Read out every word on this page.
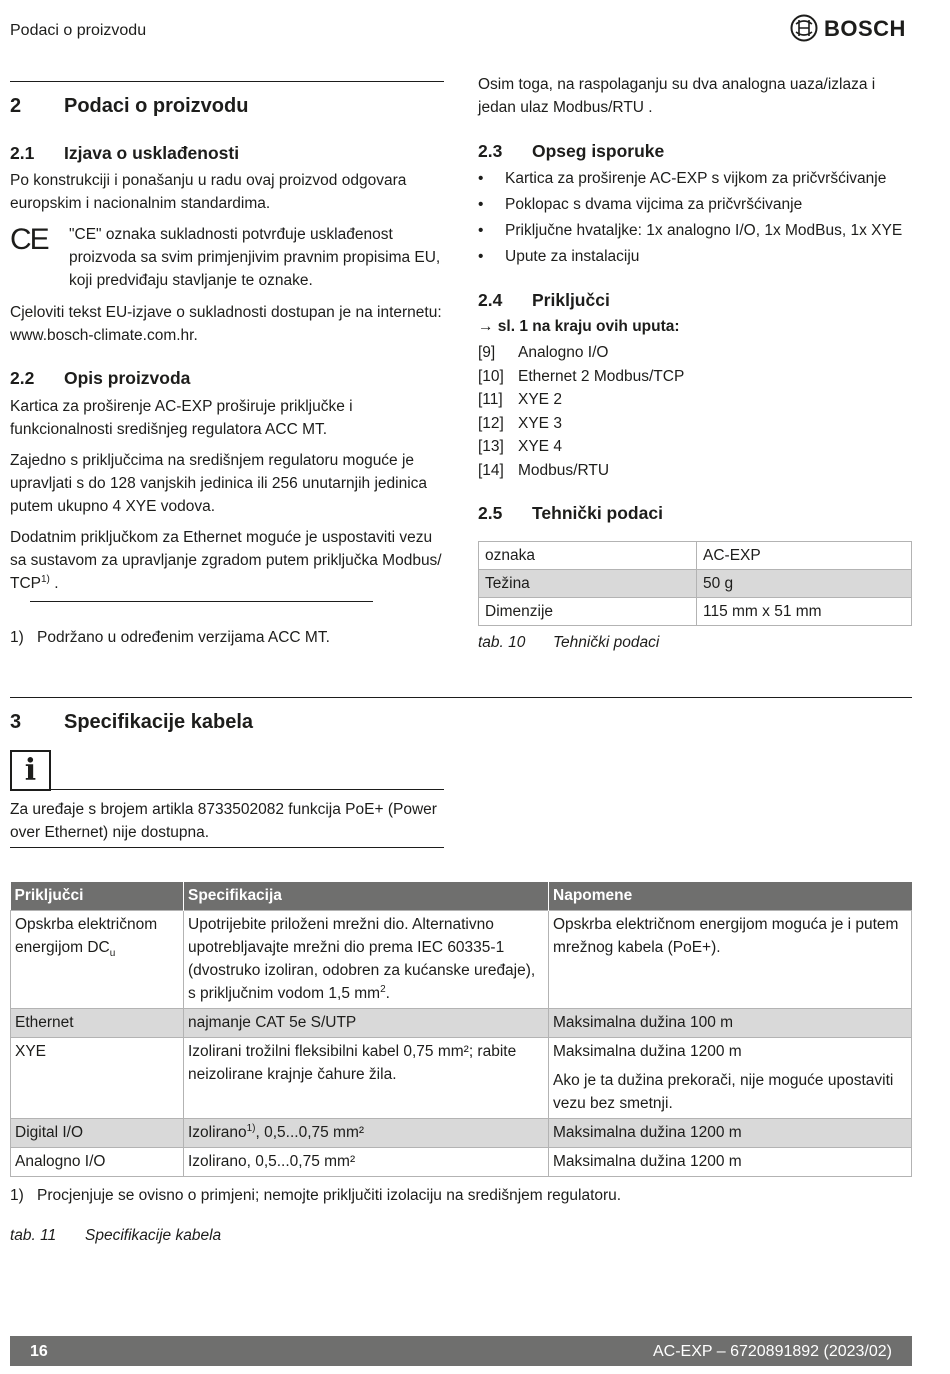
Podaci o proizvodu	BOSCH
2	Podaci o proizvodu
2.1	Izjava o usklađenosti
Po konstrukciji i ponašanju u radu ovaj proizvod odgovara europskim i nacionalnim standardima.
CE "CE" oznaka sukladnosti potvrđuje usklađenost proizvoda sa svim primjenjivim pravnim propisima EU, koji predviđaju stavljanje te oznake.
Cjeloviti tekst EU-izjave o sukladnosti dostupan je na internetu: www.bosch-climate.com.hr.
2.2	Opis proizvoda
Kartica za proširenje AC-EXP proširuje priključke i funkcionalnosti središnjeg regulatora ACC MT.
Zajedno s priključcima na središnjem regulatoru moguće je upravljati s do 128 vanjskih jedinica ili 256 unutarnjih jedinica putem ukupno 4 XYE vodova.
Dodatnim priključkom za Ethernet moguće je uspostaviti vezu sa sustavom za upravljanje zgradom putem priključka Modbus/
TCP$^{1)}$ .
1) Podržano u određenim verzijama ACC MT.
Osim toga, na raspolaganju su dva analogna uaza/izlaza i jedan ulaz Modbus/RTU .
2.3	Opseg isporuke
• Kartica za proširenje AC-EXP s vijkom za pričvršćivanje
• Poklopac s dvama vijcima za pričvršćivanje
• Priključne hvataljke: 1x analogno I/O, 1x ModBus, 1x XYE
• Upute za instalaciju
2.4	Priključci
→ sl. 1 na kraju ovih uputa:
[9]	Analogno I/O
[10] Ethernet 2 Modbus/TCP
[11] XYE 2
[12] XYE 3
[13] XYE 4
[14] Modbus/RTU
2.5	Tehnički podaci
oznaka	AC-EXP
Težina	50 g
Dimenzije	115 mm x 51 mm
tab. 10	Tehnički podaci
3	Specifikacije kabela
i
Za uređaje s brojem artikla 8733502082 funkcija PoE+ (Power over Ethernet) nije dostupna.
Priključci	Specifikacija	Napomene
Opskrba električnom energijom $DC_u$	Upotrijebite priloženi mrežni dio. Alternativno upotrebljavajte mrežni dio prema IEC 60335-1 (dvostruko izoliran, odobren za kućanske uređaje), s priključnim vodom 1,5 $mm^2$.	Opskrba električnom energijom moguća je i putem mrežnog kabela (PoE+).
Ethernet	najmanje CAT 5e S/UTP	Maksimalna dužina 100 m
XYE	Izolirani trožilni fleksibilni kabel 0,75 mm²; rabite neizolirane krajnje čahure žila.	Maksimalna dužina 1200 m
Ako je ta dužina prekorači, nije moguće upostaviti vezu bez smetnji.

Digital I/O	Izolirano$^{1)}$, 0,5...0,75 mm²	Maksimalna dužina 1200 m
Analogno I/O	Izolirano, 0,5...0,75 mm²	Maksimalna dužina 1200 m
1) Procjenjuje se ovisno o primjeni; nemojte priključiti izolaciju na središnjem regulatoru.
tab. 11	Specifikacije kabela
16	AC-EXP – 6720891892 (2023/02)
